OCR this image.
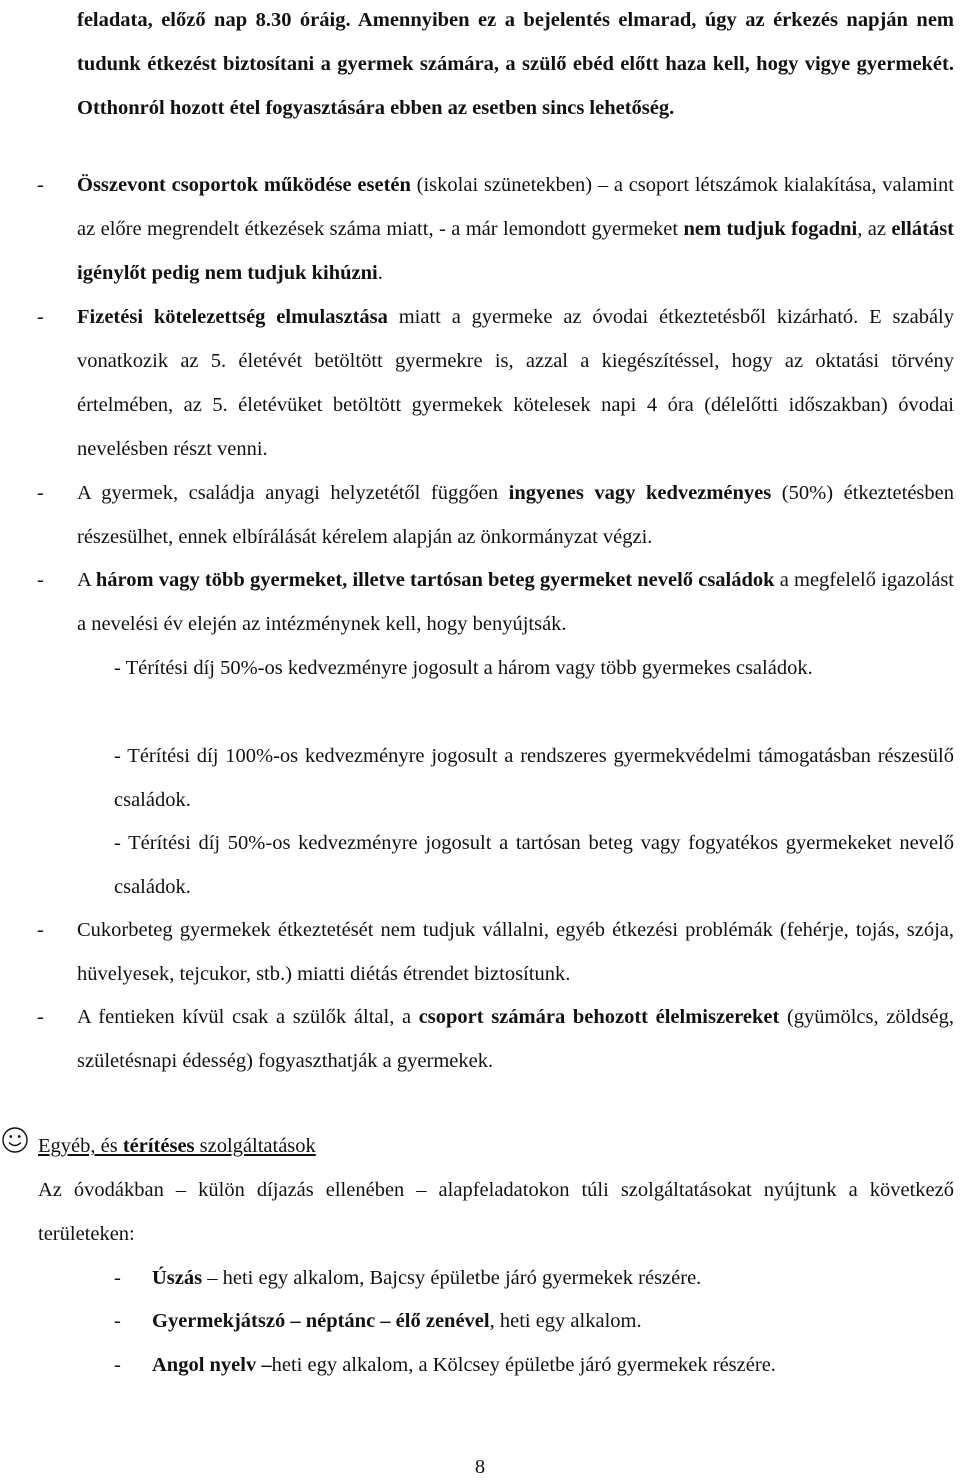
feladata, előző nap 8.30 óráig. Amennyiben ez a bejelentés elmarad, úgy az érkezés napján nem tudunk étkezést biztosítani a gyermek számára, a szülő ebéd előtt haza kell, hogy vigye gyermekét. Otthonról hozott étel fogyasztására ebben az esetben sincs lehetőség.
- Összevont csoportok működése esetén (iskolai szünetekben) – a csoport létszámok kialakítása, valamint az előre megrendelt étkezések száma miatt, - a már lemondott gyermeket nem tudjuk fogadni, az ellátást igénylőt pedig nem tudjuk kihúzni.
- Fizetési kötelezettség elmulasztása miatt a gyermeke az óvodai étkeztetésből kizárható. E szabály vonatkozik az 5. életévét betöltött gyermekre is, azzal a kiegészítéssel, hogy az oktatási törvény értelmében, az 5. életévüket betöltött gyermekek kötelesek napi 4 óra (délelőtti időszakban) óvodai nevelésben részt venni.
- A gyermek, családja anyagi helyzetétől függően ingyenes vagy kedvezményes (50%) étkeztetésben részesülhet, ennek elbírálását kérelem alapján az önkormányzat végzi.
- A három vagy több gyermeket, illetve tartósan beteg gyermeket nevelő családok a megfelelő igazolást a nevelési év elején az intézménynek kell, hogy benyújtsák.
- Térítési díj 50%-os kedvezményre jogosult a három vagy több gyermekes családok.
- Térítési díj 100%-os kedvezményre jogosult a rendszeres gyermekvédelmi támogatásban részesülő családok.
- Térítési díj 50%-os kedvezményre jogosult a tartósan beteg vagy fogyatékos gyermekeket nevelő családok.
- Cukorbeteg gyermekek étkeztetését nem tudjuk vállalni, egyéb étkezési problémák (fehérje, tojás, szója, hüvelyesek, tejcukor, stb.) miatti diétás étrendet biztosítunk.
- A fentieken kívül csak a szülők által, a csoport számára behozott élelmiszereket (gyümölcs, zöldség, születésnapi édesség) fogyaszthatják a gyermekek.
Egyéb, és térítéses szolgáltatások
Az óvodákban – külön díjazás ellenében – alapfeladatokon túli szolgáltatásokat nyújtunk a következő területeken:
- Úszás – heti egy alkalom, Bajcsy épületbe járó gyermekek részére.
- Gyermekjátszó – néptánc – élő zenével, heti egy alkalom.
- Angol nyelv –heti egy alkalom, a Kölcsey épületbe járó gyermekek részére.
8
